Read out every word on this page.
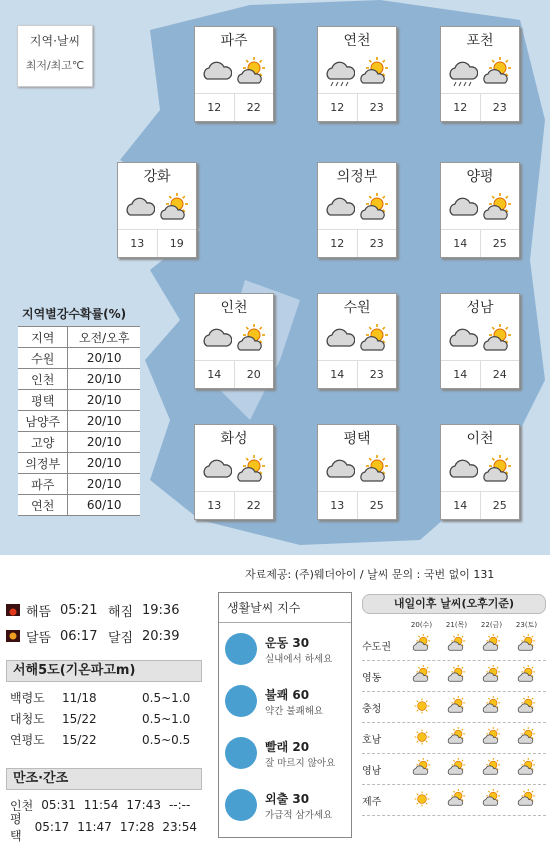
지역·날씨
최저/최고℃
파주
12	22
연천
12	23
포천
12	23
강화
13	19
의정부
12	23
양평
14	25
인천
14	20
수원
14	23
성남
14	24
화성
13	22
평택
13	25
이천
14	25
지역별강수확률(%)
지역	오전/오후
수원	20/10
인천	20/10
평택	20/10
남양주	20/10
고양	20/10
의정부	20/10
파주	20/10
연천	60/10
자료제공: (주)웨더아이 / 날씨 문의 : 국번 없이 131
해뜸 05:21 해짐 19:36
달뜸 06:17 달짐 20:39
서해5도(기온파고m)
백령도	11/18	0.5~1.0
대청도	15/22	0.5~1.0
연평도	15/22	0.5~0.5
만조·간조
인천 05:31 11:54 17:43 --:--
평택
05:17 11:47 17:28 23:54
생활날씨 지수
운동 30
실내에서 하세요
불쾌 60
약간 불쾌해요
빨래 20
잘 마르지 않아요
외출 30
가급적 삼가세요
내일이후 날씨(오후기준)
20(수)	21(목)	22(금)	23(토)
수도권
영동
충청
호남
영남
제주
